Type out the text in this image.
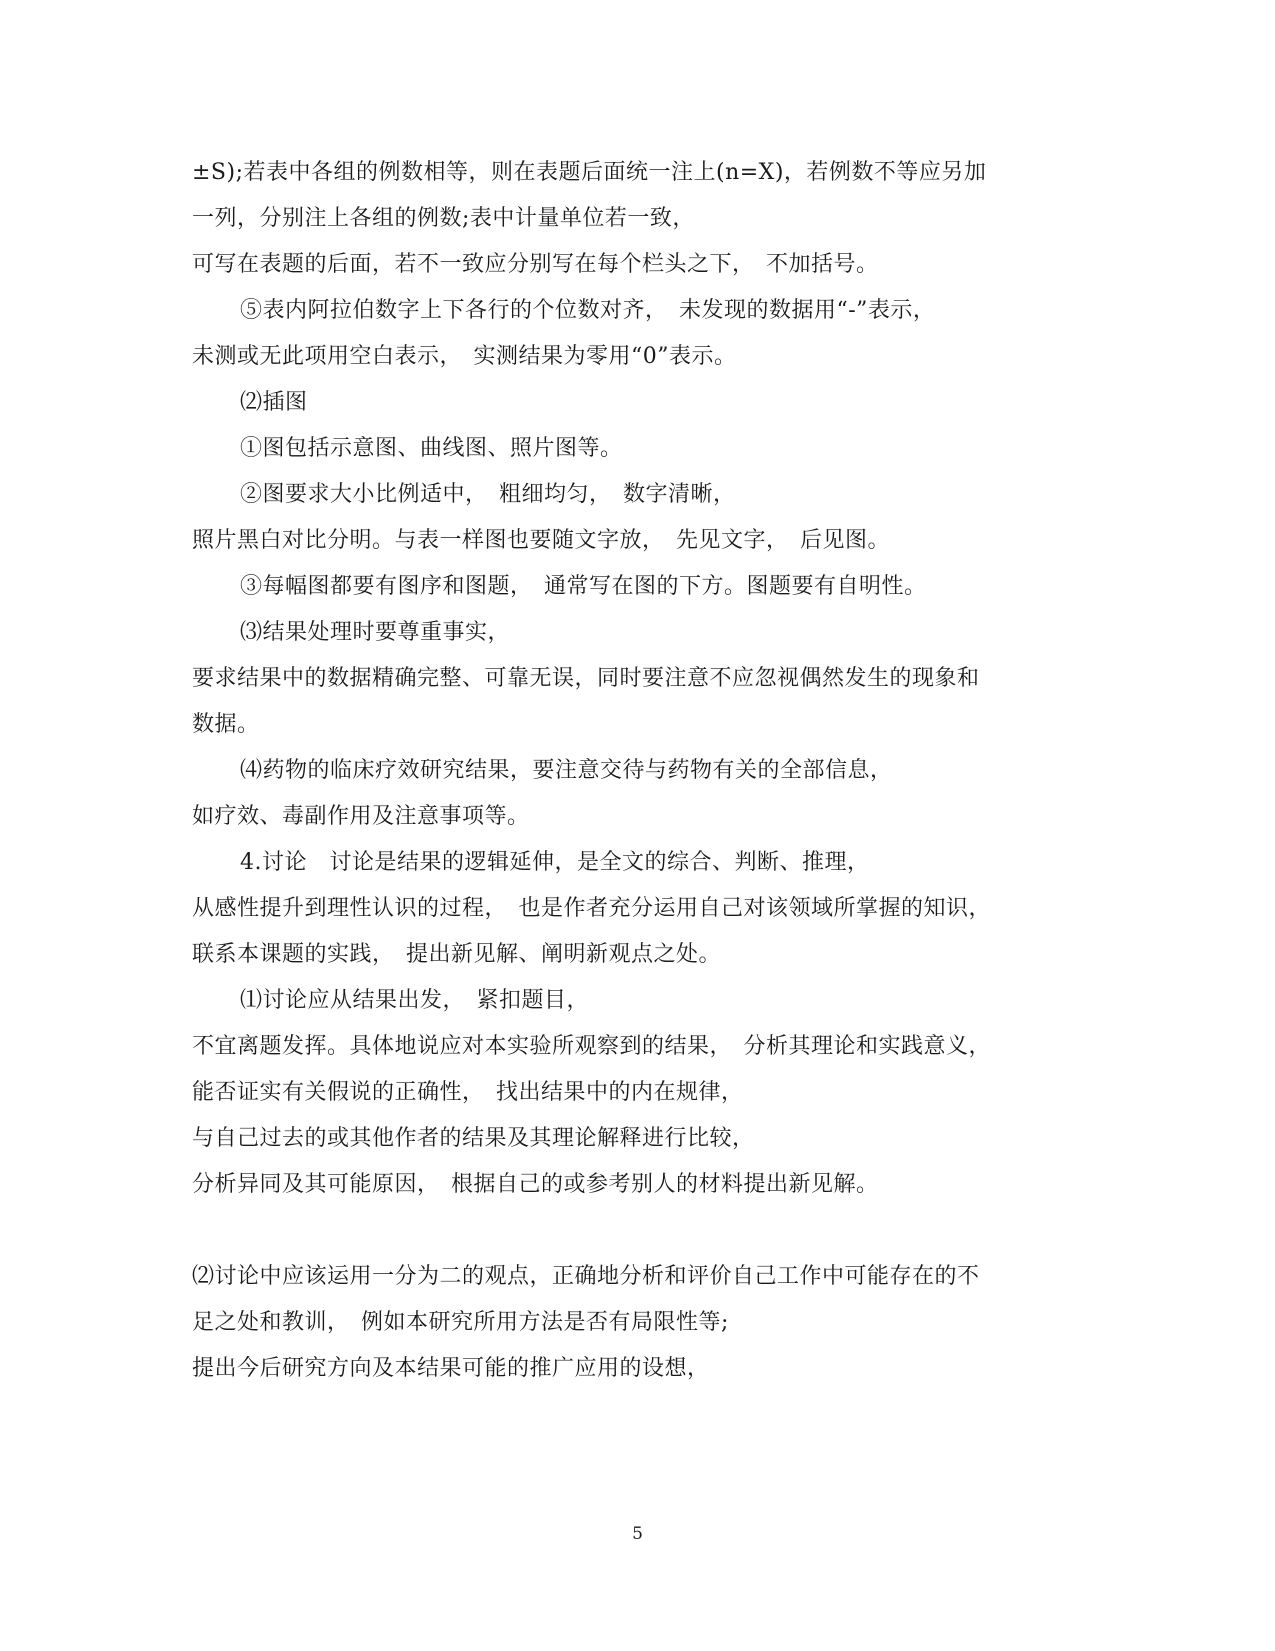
±S);若表中各组的例数相等，则在表题后面统一注上(n=X)，若例数不等应另加
一列，分别注上各组的例数;表中计量单位若一致，
可写在表题的后面，若不一致应分别写在每个栏头之下，　不加括号。
⑤表内阿拉伯数字上下各行的个位数对齐，　未发现的数据用“-”表示，
未测或无此项用空白表示，　实测结果为零用“0”表示。
⑵插图
①图包括示意图、曲线图、照片图等。
②图要求大小比例适中，　粗细均匀，　数字清晰，
照片黑白对比分明。与表一样图也要随文字放，　先见文字，　后见图。
③每幅图都要有图序和图题，　通常写在图的下方。图题要有自明性。
⑶结果处理时要尊重事实，
要求结果中的数据精确完整、可靠无误，同时要注意不应忽视偶然发生的现象和
数据。
⑷药物的临床疗效研究结果，要注意交待与药物有关的全部信息，
如疗效、毒副作用及注意事项等。
4.讨论　讨论是结果的逻辑延伸，是全文的综合、判断、推理，
从感性提升到理性认识的过程，　也是作者充分运用自己对该领域所掌握的知识，
联系本课题的实践，　提出新见解、阐明新观点之处。
⑴讨论应从结果出发，　紧扣题目，
不宜离题发挥。具体地说应对本实验所观察到的结果，　分析其理论和实践意义，
能否证实有关假说的正确性，　找出结果中的内在规律，
与自己过去的或其他作者的结果及其理论解释进行比较，
分析异同及其可能原因，　根据自己的或参考别人的材料提出新见解。
⑵讨论中应该运用一分为二的观点，正确地分析和评价自己工作中可能存在的不
足之处和教训，　例如本研究所用方法是否有局限性等;
提出今后研究方向及本结果可能的推广应用的设想，
5
